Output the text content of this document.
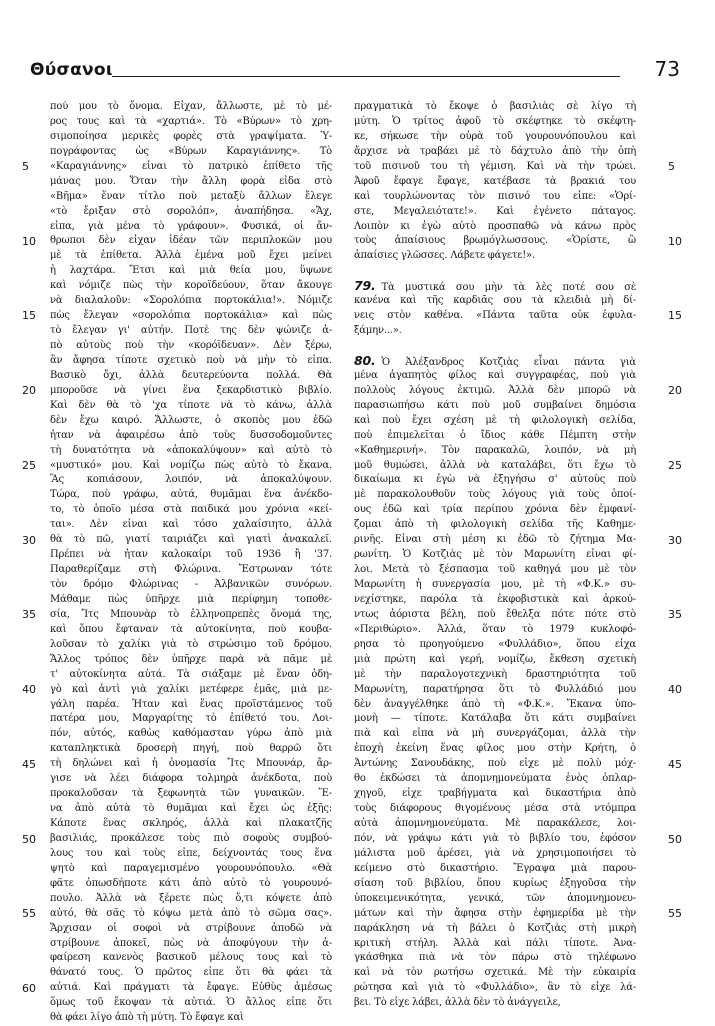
Θύσανοι	73
5
10
15
20
25
30
35
40
45
50
55
60
5
10
15
20
25
30
35
40
45
50
55
πού μου τὸ ὄνομα. Εἶχαν, ἄλλωστε, μὲ τὸ μέ-
ρος τους καὶ τὰ «χαρτιά». Τὸ «Βύρων» τὸ χρη-
σιμοποίησα μερικὲς φορὲς στὰ γραψίματα. Ὑ-
πογράφοντας ὡς «Βύρων Καραγιάννης». Τὸ
«Καραγιάννης» εἶναι τὸ πατρικὸ ἐπίθετο τῆς
μάνας μου. Ὅταν τὴν ἄλλη φορὰ εἶδα στὸ
«Βῆμα» ἕναν τίτλο ποὺ μεταξὺ ἄλλων ἔλεγε
«τὸ ἔριξαν στὸ σορολόπ», ἀναπήδησα. «Ἄχ,
εἶπα, γιὰ μένα τὸ γράφουν». Φυσικά, οἱ ἄν-
θρωποι δὲν εἶχαν ἰδέαν τῶν περιπλοκῶν μου
μὲ τὰ ἐπίθετα. Ἀλλὰ ἐμένα μοῦ ἔχει μείνει
ἡ λαχτάρα. Ἔτσι καὶ μιὰ θεία μου, ὕψωνε
καὶ νόμιζε πὼς τὴν κοροϊδεύουν, ὅταν ἄκουγε
νὰ διαλαλοῦν: «Σορολόπια πορτοκάλια!». Νόμιζε
πὼς ἔλεγαν «σορολόπια πορτοκάλια» καὶ πὼς
τὸ ἔλεγαν γι' αὐτήν. Ποτὲ της δὲν ψώνιζε ἀ-
πὸ αὐτοὺς ποὺ τὴν «κορόϊδευαν». Δὲν ξέρω,
ἂν ἄφησα τίποτε σχετικὸ ποὺ νὰ μὴν τὸ εἶπα.
Βασικὸ ὄχι, ἀλλὰ δευτερεύοντα πολλά. Θὰ
μποροῦσε νὰ γίνει ἕνα ξεκαρδιστικὸ βιβλίο.
Καὶ δὲν θὰ τὸ 'χα τίποτε νὰ τὸ κάνω, ἀλλὰ
δὲν ἔχω καιρό. Ἄλλωστε, ὁ σκοπὸς μου ἐδῶ
ἦταν νὰ ἀφαιρέσω ἀπὸ τοὺς δυσσοδομοῦντες
τὴ δυνατότητα νὰ «ἀποκαλύψουν» καὶ αὐτὸ τὸ
«μυστικό» μου. Καὶ νομίζω πὼς αὐτὸ τὸ ἔκανα.
Ἂς κοπιάσουν, λοιπόν, νὰ ἀποκαλύψουν.
Τώρα, ποὺ γράφω, αὐτά, θυμᾶμαι ἕνα ἀνέκδο-
το, τὸ ὁποῖο μέσα στὰ παιδικά μου χρόνια «κεί-
ται». Δὲν εἶναι καὶ τόσο χαλαίσιητο, ἀλλὰ
θὰ τὸ πῶ, γιατί ταιριάζει καὶ γιατὶ ἀνακαλεῖ.
Πρέπει νὰ ἦταν καλοκαίρι τοῦ 1936 ἢ '37.
Παραθερίζαμε στὴ Φλώρινα. Ἔστρωναν τότε
τὸν δρόμο Φλώρινας - Ἀλβανικῶν συνόρων.
Μάθαμε πὼς ὑπῆρχε μιὰ περίφημη τοποθε-
σία, Ἴτς Μπουνὰρ τὸ ἑλληνοπρεπὲς ὄνομά της,
καὶ ὅπου ἔφταναν τὰ αὐτοκίνητα, ποὺ κουβα-
λοῦσαν τὸ χαλίκι γιὰ τὸ στρώσιμο τοῦ δρόμου.
Ἄλλος τρόπος δὲν ὑπῆρχε παρὰ νὰ πᾶμε μὲ
τ' αὐτοκίνητα αὐτά. Τὰ σιάξαμε μὲ ἕναν ὁδη-
γὸ καὶ ἀντὶ γιὰ χαλίκι μετέφερε ἐμᾶς, μιὰ με-
γάλη παρέα. Ἦταν καὶ ἕνας προϊστάμενος τοῦ
πατέρα μου, Μαργαρίτης τὸ ἐπίθετό του. Λοι-
πόν, αὐτός, καθὼς καθόμασταν γύρω ἀπὸ μιὰ
καταπληκτικὰ δροσερὴ πηγή, ποὺ θαρρῶ ὅτι
τὴ δηλώνει καὶ ἡ ὀνομασία Ἴτς Μπουνάρ, ἄρ-
γισε νὰ λέει διάφορα τολμηρὰ ἀνέκδοτα, ποὺ
προκαλοῦσαν τὰ ξεφωνητὰ τῶν γυναικῶν. Ἕ-
να ἀπὸ αὐτὰ τὸ θυμᾶμαι καὶ ἔχει ὡς ἑξῆς:
Κάποτε ἕνας σκληρός, ἀλλὰ καὶ πλακατζῆς
βασιλιάς, προκάλεσε τοὺς πιὸ σοφοὺς συμβού-
λους του καὶ τοὺς εἶπε, δείχνοντάς τους ἕνα
ψητὸ καὶ παραγεμισμένο γουρουνόπουλο. «Θὰ
φᾶτε ὁπωσδήποτε κάτι ἀπὸ αὐτὸ τὸ γουρουνό-
πουλο. Ἀλλὰ νὰ ξέρετε πὼς ὅ,τι κόψετε ἀπὸ
αὐτό, θὰ σᾶς τὸ κόψω μετὰ ἀπὸ τὸ σῶμα σας».
Ἄρχισαν οἱ σοφοὶ νὰ στρίβουνε ἀποδῶ νὰ
στρίβουνε ἀποκεῖ, πὼς νὰ ἀποφύγουν τὴν ἀ-
φαίρεση κανενὸς βασικοῦ μέλους τους καὶ τὸ
θάνατό τους. Ὁ πρῶτος εἶπε ὅτι θὰ φάει τὰ
αὐτιά. Καὶ πράγματι τὰ ἔφαγε. Εὐθὺς ἀμέσως
ὅμως τοῦ ἔκοψαν τὰ αὐτιά. Ὁ ἄλλος εἶπε ὅτι
θὰ φάει λίγο ἀπὸ τὴ μύτη. Τὸ ἔφαγε καὶ
πραγματικὰ τὸ ἔκοψε ὁ βασιλιὰς σὲ λίγο τὴ
μύτη. Ὁ τρίτος ἀφοῦ τὸ σκέφτηκε τὸ σκέφτη-
κε, σήκωσε τὴν οὐρὰ τοῦ γουρουνόπουλου καὶ
ἄρχισε νὰ τραβάει μὲ τὸ δάχτυλο ἀπὸ τὴν ὀπὴ
τοῦ πισινοῦ του τὴ γέμιση. Καὶ νὰ τὴν τρώει.
Ἀφοῦ ἔφαγε ἔφαγε, κατέβασε τὰ βρακιά του
καὶ τουρλώνοντας τὸν πισινό του εἶπε: «Ὁρί-
στε, Μεγαλειότατε!». Καὶ ἐγένετο πάταγος.
Λοιπὸν κι ἐγὼ αὐτὸ προσπαθῶ νὰ κάνω πρὸς
τοὺς ἀπαίσιους βρωμόγλωσσους. «Ὁρίστε, ὢ
ἀπαίσιες γλῶσσες. Λάβετε φάγετε!».
79. Τὰ μυστικά σου μὴν τὰ λὲς ποτέ σου σὲ
κανένα καὶ τῆς καρδιᾶς σου τὰ κλειδιὰ μὴ δί-
νεις στὸν καθένα. «Πάντα ταῦτα οὐκ ἐφυλα-
ξάμην...».
80. Ὁ Ἀλέξανδρος Κοτζιὰς εἶναι πάντα γιὰ
μένα ἀγαπητὸς φίλος καὶ συγγραφέας, ποὺ γιὰ
πολλοὺς λόγους ἐκτιμῶ. Ἀλλὰ δὲν μπορῶ νὰ
παρασιωπήσω κάτι ποὺ μοῦ συμβαίνει δημόσια
καὶ ποὺ ἔχει σχέση μὲ τὴ φιλολογικὴ σελίδα,
ποὺ ἐπιμελεῖται ὁ ἴδιος κάθε Πέμπτη στὴν
«Καθημερινή». Τὸν παρακαλῶ, λοιπόν, νὰ μὴ
μοῦ θυμώσει, ἀλλὰ νὰ καταλάβει, ὅτι ἔχω τὸ
δικαίωμα κι ἐγὼ νὰ ἐξηγήσω σ' αὐτοὺς ποὺ
μὲ παρακολουθοῦν τοὺς λόγους γιὰ τοὺς ὁποί-
ους ἐδῶ καὶ τρία περίπου χρόνια δὲν ἐμφανί-
ζομαι ἀπὸ τὴ φιλολογικὴ σελίδα τῆς Καθημε-
ρινῆς. Εἶναι στὴ μέση κι ἐδῶ τὸ ζήτημα Μα-
ρωνίτη. Ὁ Κοτζιὰς μὲ τὸν Μαρωνίτη εἶναι φί-
λοι. Μετὰ τὸ ξέσπασμα τοῦ καθηγά μου μὲ τὸν
Μαρωνίτη ἡ συνεργασία μου, μὲ τὴ «Φ.Κ.» συ-
νεχίστηκε, παρόλα τὰ ἐκφοβιστικὰ καὶ ἀρκού-
ντως ἀόριστα βέλη, ποὺ ἔθελξα πότε πότε στὸ
«Περιθώριο». Ἀλλά, ὅταν τὸ 1979 κυκλοφό-
ρησα τὸ προηγούμενο «Φυλλάδιο», ὅπου εἶχα
μιὰ πρώτη καὶ γερή, νομίζω, ἔκθεση σχετικὴ
μὲ τὴν παραλογοτεχνικὴ δραστηριότητα τοῦ
Μαρωνίτη, παρατήρησα ὅτι τὸ Φυλλάδιό μου
δὲν ἀναγγέλθηκε ἀπὸ τὴ «Φ.Κ.». Ἔκανα ὑπο-
μονὴ — τίποτε. Κατάλαβα ὅτι κάτι συμβαίνει
πιὰ καὶ εἶπα νὰ μὴ συνεργάζομαι, ἀλλὰ τὴν
ἐποχὴ ἐκείνη ἕνας φίλος μου στὴν Κρήτη, ὁ
Ἀντώνης Σανουδάκης, ποὺ εἶχε μὲ πολὺ μόχ-
θο ἐκδώσει τὰ ἀπομνημονεύματα ἑνὸς ὁπλαρ-
χηγοῦ, εἶχε τραβήγματα καὶ δικαστήρια ἀπὸ
τοὺς διάφορους θιγομένους μέσα στὰ ντόμπρα
αὐτὰ ἀπομνημονεύματα. Μὲ παρακάλεσε, λοι-
πόν, νὰ γράψω κάτι γιὰ τὸ βιβλίο του, ἐφόσον
μάλιστα μοῦ ἀρέσει, γιὰ νὰ χρησιμοποιήσει τὸ
κείμενο στὸ δικαστήριο. Ἔγραψα μιὰ παρου-
σίαση τοῦ βιβλίου, ὅπου κυρίως ἐξηγοῦσα τὴν
ὑποκειμενικότητα, γενικά, τῶν ἀπομνημονευ-
μάτων καὶ τὴν ἄφησα στὴν ἐφημερίδα μὲ τὴν
παράκληση νὰ τὴ βάλει ὁ Κοτζιὰς στὴ μικρὴ
κριτικὴ στήλη. Ἀλλὰ καὶ πάλι τίποτε. Ἀνα-
γκάσθηκα πιὰ νὰ τὸν πάρω στὸ τηλέφωνο
καὶ νὰ τὸν ρωτήσω σχετικά. Μὲ τὴν εὐκαιρία
ρώτησα καὶ γιὰ τὸ «Φυλλάδιο», ἂν τὸ εἶχε λά-
βει. Τὸ εἶχε λάβει, ἀλλὰ δὲν τὸ ἀνάγγειλε,
